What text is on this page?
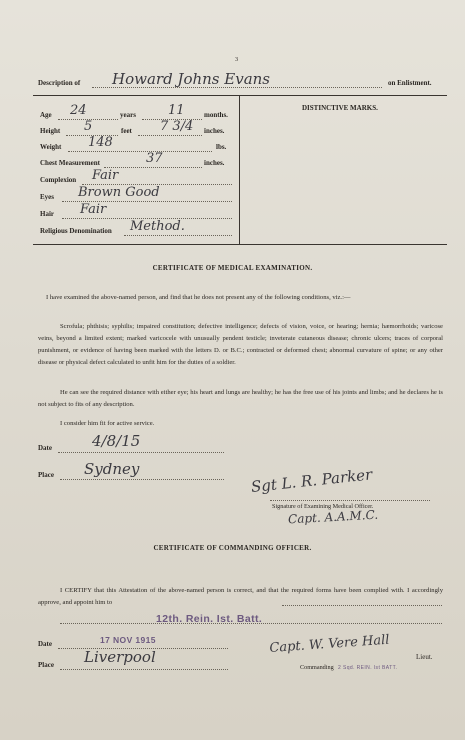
3
Description of Howard Johns Evans	on Enlistment.
DISTINCTIVE MARKS.
Age 24	years 11	months.
Height 5	feet 7 3/4 inches.
Weight 148	lbs.
Chest Measurement	37	inches.
Complexion Fair
Eyes Brown Good
Hair Fair
Religious Denomination Method.
CERTIFICATE OF MEDICAL EXAMINATION.
I have examined the above-named person, and find that he does not present any of the following conditions, viz.:—
Scrofula; phthisis; syphilis; impaired constitution; defective intelligence; defects of vision, voice, or hearing; hernia; hæmorrhoids; varicose veins, beyond a limited extent; marked varicocele with unusually pendent testicle; inveterate cutaneous disease; chronic ulcers; traces of corporal punishment, or evidence of having been marked with the letters D. or B.C.; contracted or deformed chest; abnormal curvature of spine; or any other disease or physical defect calculated to unfit him for the duties of a soldier.
He can see the required distance with either eye; his heart and lungs are healthy; he has the free use of his joints and limbs; and he declares he is not subject to fits of any description.
I consider him fit for active service.
Date	4/8/15
Place Sydney	Sgt L. R. Parker
Signature of Examining Medical Officer.
Capt. A.A.M.C.
CERTIFICATE OF COMMANDING OFFICER.
I CERTIFY that this Attestation of the above-named person is correct, and that the required forms have been complied with. I accordingly approve, and appoint him to
12th. Rein. Ist. Batt.
Date	17 NOV 1915
Place Liverpool
Capt. W. Vere Hall
Lieut.
Commanding 2 Sqd. REIN. Ist BATT.
